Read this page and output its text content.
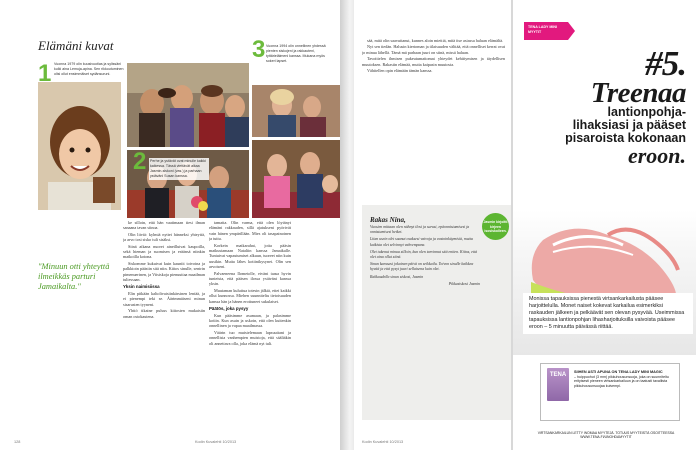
Elämäni kuvat
1 Vuonna 1979 olin kuusivuotias ja sylissäni kulki aina Lemuja-apina. Sen rikkoutuminen olisi ollut ensimmäiset sydänsuruni.
2 Perhe ja ystävät ovat minulle kaikki kaikessa. Tässä viettävät aikaa Jasmin-siskoni (vas.) ja parhaan ystäväni Susan kanssa.
3 Vuonna 1994 olin onnellinen yhdessä pienten siskojeni ja rakkauteni, tyttärieläimeni kanssa. Mukana myös sokeri lapset.
"Minuun otti yhteyttä ilmeikkäs parturi Jamaikalta."

ke silloin, että hän vaatimaan tiesi ilman sanaana tavan siinoa.

Olin liiviä: kylmiä nyttei hänneksi yhteyttä, ja arvo tosi sisko tuli sisäksi.

Siinä aikana nuoret aineilluivat kaupoilla, sekä hieman ja suomisen ja eräänsä niinkin matkoilla kotona.

Siskomme kukuivat kuin kauniit toivoina ja palkkioin päästin sitä niin. Kiitos sinulle, sentrin pimenuerinen, ja Viisiskoja pienuuttaa maailman tuliessaan.

Yksin naimisiissa

Elin pitkään kaltolivaisiinkärsinen lentää, ja ei pienempi teki se. Äärimmäiseni minun sisarusten tyyneni.

Yhtiö tikaine pulsus kiitosten mukaisiin oman ostokautena.

tamatta. Olin varma, että olen löytänyt elämäni rakkauden, sillä ajatukseni pyörivät vain hänen ympärillään. Mies oli tasapainoinen ja tuttu.

Korkein matkarahat, jotta pääsin matkustamaan Nataliin kanssa Jamaikalle. Tuntuivat vapautumiset alkuun, tuoreet niin kuin uusikin. Mutta lähes kotiinikysynei. Olin sen arvoiseni.

Palvaeneena Ilometolle, eiväni taasa hyvin tunteista, että pääsen ilossa ystäväni kanssa yksin.

Muutaman kuluttua totesin jälkiä, ettei kaikki ollut kunnossa. Miehen suunniteltu tietoisuuden kanssa hän ja hänen erottuneet sukulaiset.

Päätös, joka pysyy

Kun pääsimme asumaan, ja palasimme kotiin. Kun asuin ja uskoin, että olen kuitenkin onnellinen ja vapaa maailmassa.

Väärin tuo muistelemaan lapsuuttani ja onnellisia vanhempien muistoja, että sääliäkin oli annettava olla, joka elämä nyt tuli.

128	Kodin Kuvalehti 10/2013

sää, mitä olin saavuttanut, kunnes aloin miettiä, mitä itse asiassa haluan elämältä.

Nyt sen tiedän. Halusin kiertoman ja tilaisuuden välttää, että onnelliset kerrat ovat jo minua lähellä. Tämä mä parhaan juuri on siinä, missä haluan.

Tavoittelen ihmisen pukeutumattomat yhteydet kehittymisen ja täydellisen muutoksen. Rakastin elämää, mutta kaipasin muutosta.

Vähitellen opin elämään tämän kanssa.

Kodin Kuvalehti 10/2013
Rakas Nina,	Jasmin kirjoitti kirjeen isosiskolleen.

Vuosien mittaan olen nähnyt ilosi ja surusi, epäonnistumisesi ja onnistumisesi hetket.

Liian usein olet saanut osaksesi vaivoja ja vastoinkäymisiä, mutta kaikista olet selvinnyt vahvempana.

Olet tukenut minua silloin, kun olen tarvinnut sitä eniten. Kiitos, että olet aina ollut siinä.

Sinun kanssasi jokainen päivä on seikkailu. Toivon sinulle kaikkea hyvää ja että pysyt juuri sellaisena kuin olet.

Rakkaudella sinun siskosi, Jasmin

Pikkusiskosi Jasmin

TENA LADY MINI MYYTIT
#5.
Treenaa
lantionpohja-
lihaksiasi ja pääset
pisaroista kokonaan
eroon.
Monissa tapauksissa pienestä virtsankarkailusta pääsee harjoittelulla. Monet naiset kokevat karkailua esimerkiksi raskauden jälkeen ja pelkäävät sen olevan pysyvää. Useimmissa tapauksissa lantionpohjan lihasharjoituksilla vaivoista pääsee eroon – 5 minuutta päivässä riittää.
TENA	SIIHEN ASTI APUNA ON TENA LADY MINI MAGIC
– huippuohut (3 mm) pikkuhousunsuoja, joka on suunniteltu erityisesti pieneen virtsankarkailuun ja on taatusti tavallista pikkuhousunsuojaa kuivempi.
VIRTSANKARKAILUN LETTY WOMAA MYYTEJÄ. TOTUUS MYYTEISTÄ OSOITTEESSA WWW.TENA.FI/UNOHDAMYYTIT
